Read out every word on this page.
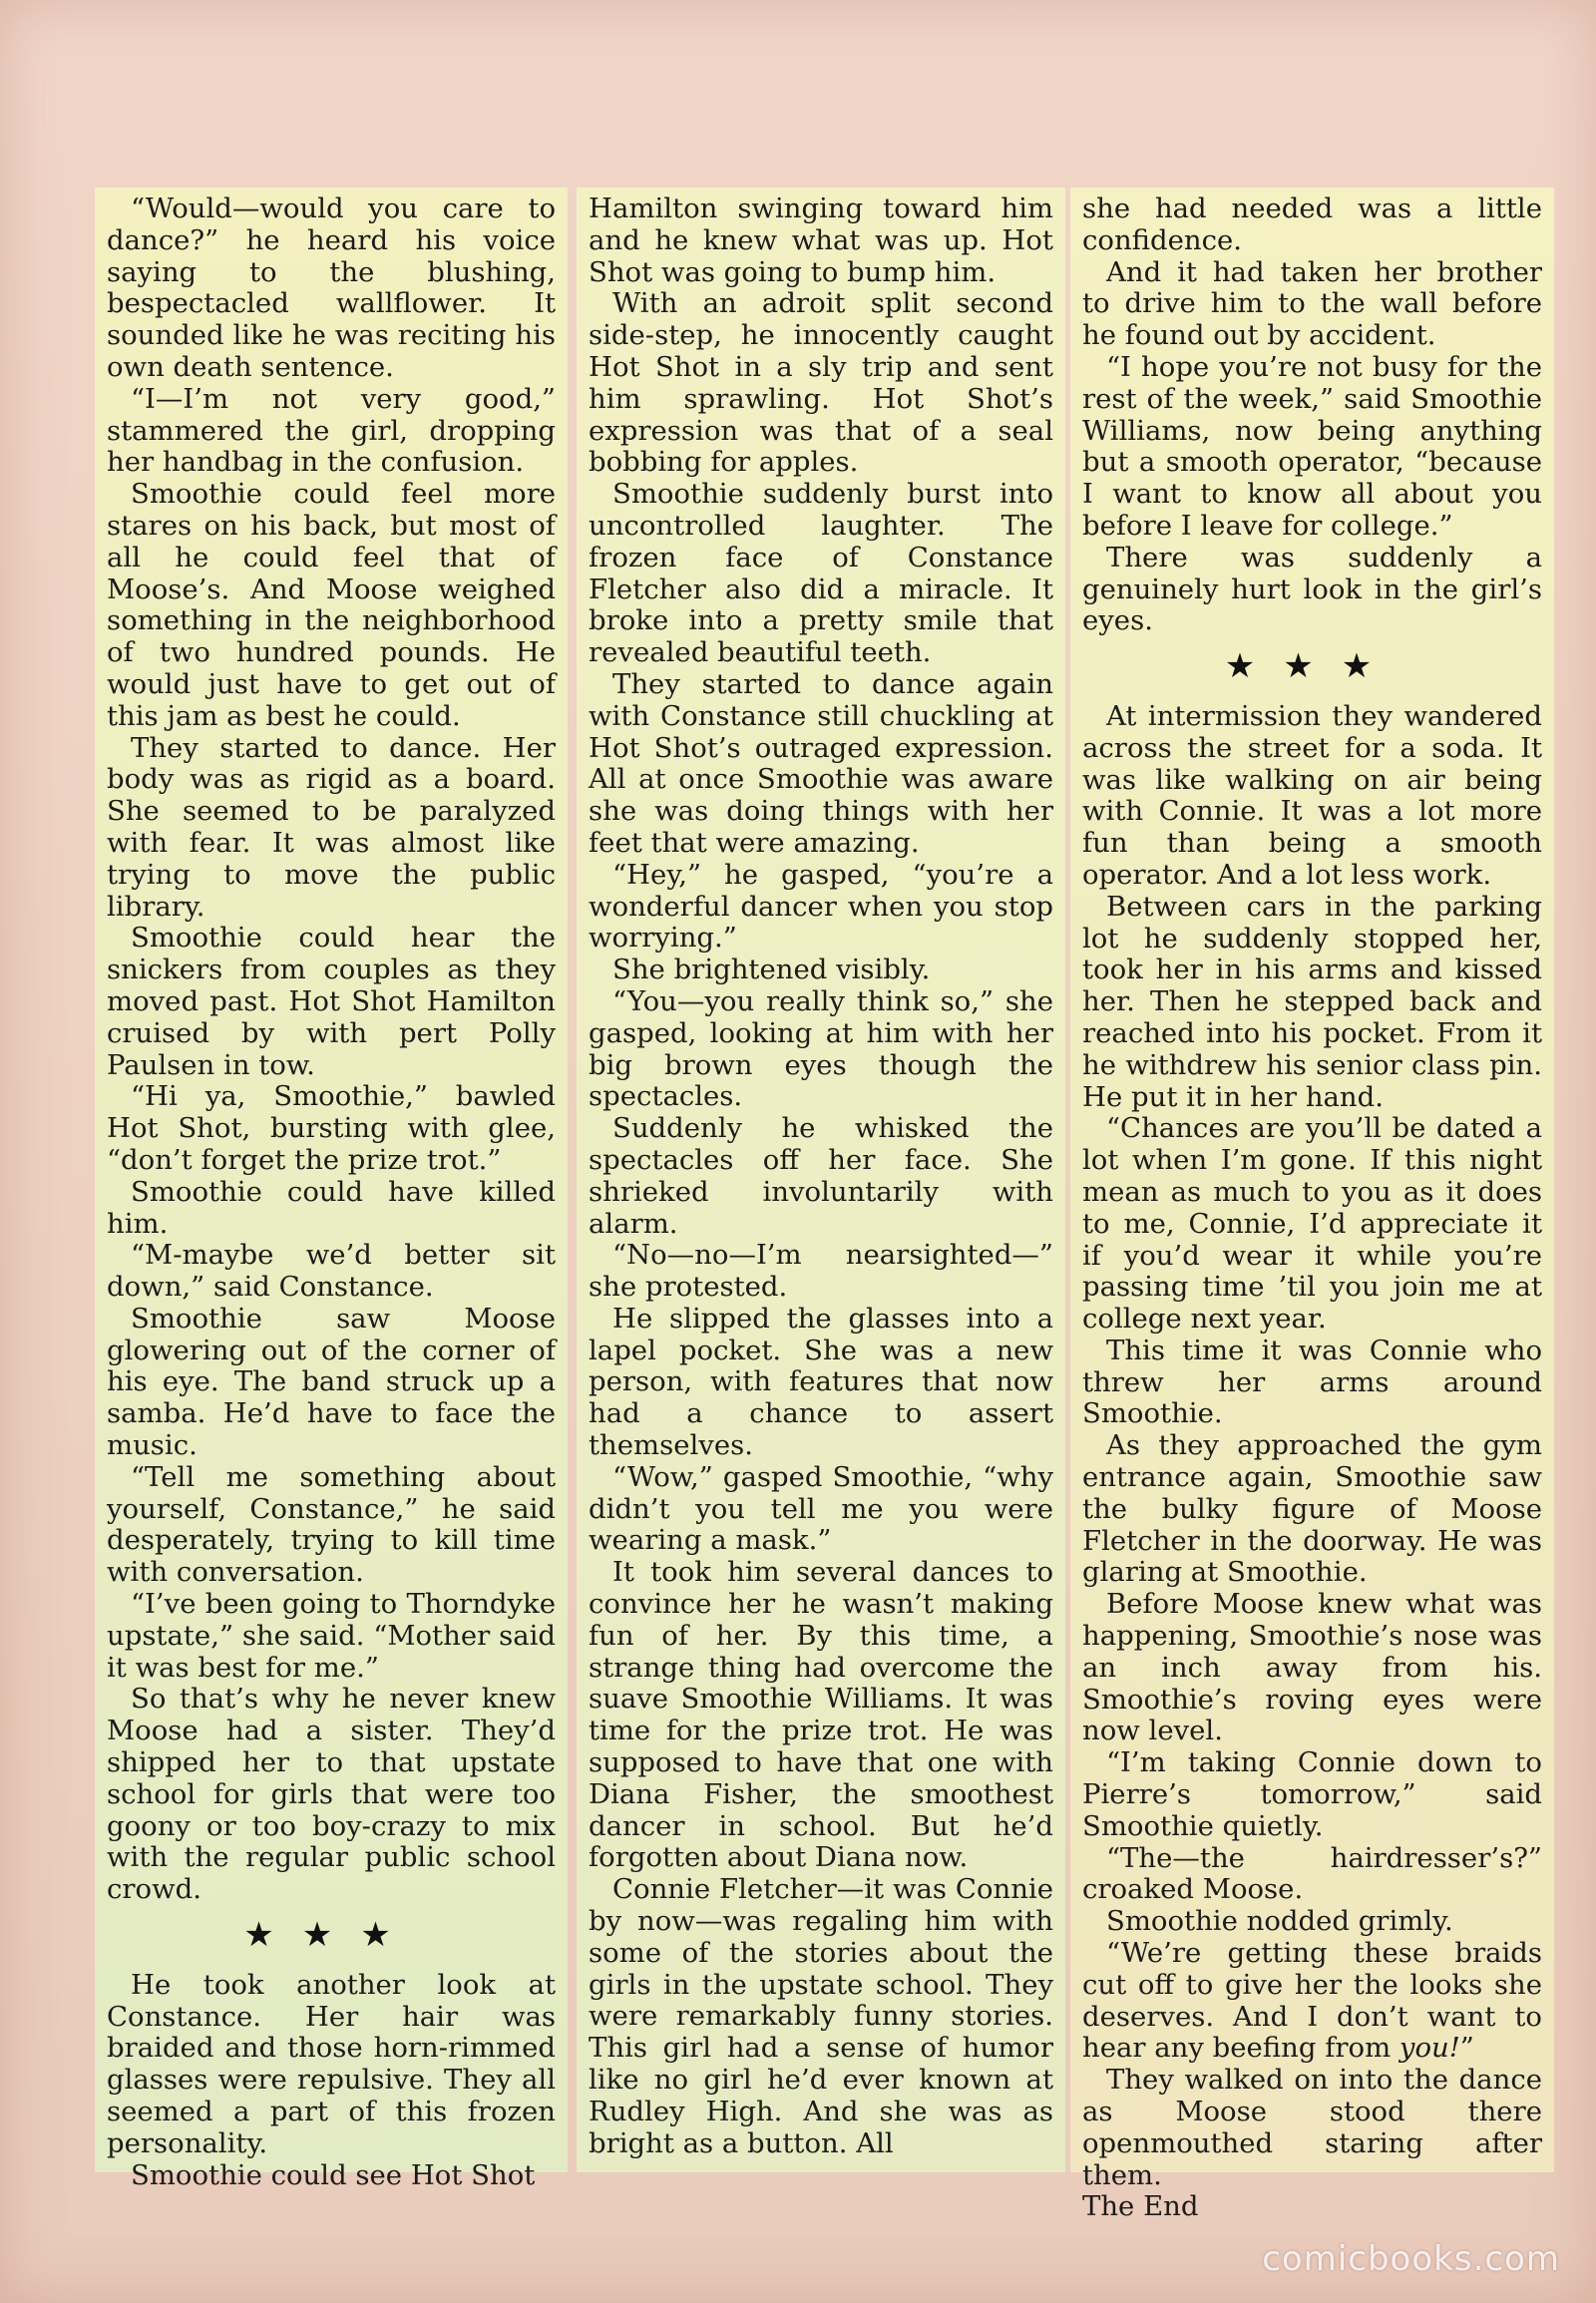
“Would—would you care to dance?” he heard his voice saying to the blushing, bespectacled wallflower. It sounded like he was reciting his own death sentence.

“I—I’m not very good,” stammered the girl, dropping her handbag in the confusion.

Smoothie could feel more stares on his back, but most of all he could feel that of Moose’s. And Moose weighed something in the neighborhood of two hundred pounds. He would just have to get out of this jam as best he could.

They started to dance. Her body was as rigid as a board. She seemed to be paralyzed with fear. It was almost like trying to move the public library.

Smoothie could hear the snickers from couples as they moved past. Hot Shot Hamilton cruised by with pert Polly Paulsen in tow.

“Hi ya, Smoothie,” bawled Hot Shot, bursting with glee, “don’t forget the prize trot.”

Smoothie could have killed him.

“M-maybe we’d better sit down,” said Constance.

Smoothie saw Moose glowering out of the corner of his eye. The band struck up a samba. He’d have to face the music.

“Tell me something about yourself, Constance,” he said desperately, trying to kill time with conversation.

“I’ve been going to Thorndyke upstate,” she said. “Mother said it was best for me.”

So that’s why he never knew Moose had a sister. They’d shipped her to that upstate school for girls that were too goony or too boy-crazy to mix with the regular public school crowd.

★★★

He took another look at Constance. Her hair was braided and those horn-rimmed glasses were repulsive. They all seemed a part of this frozen personality.

Smoothie could see Hot Shot

Hamilton swinging toward him and he knew what was up. Hot Shot was going to bump him.

With an adroit split second side-step, he innocently caught Hot Shot in a sly trip and sent him sprawling. Hot Shot’s expression was that of a seal bobbing for apples.

Smoothie suddenly burst into uncontrolled laughter. The frozen face of Constance Fletcher also did a miracle. It broke into a pretty smile that revealed beautiful teeth.

They started to dance again with Constance still chuckling at Hot Shot’s outraged expression. All at once Smoothie was aware she was doing things with her feet that were amazing.

“Hey,” he gasped, “you’re a wonderful dancer when you stop worrying.”

She brightened visibly.

“You—you really think so,” she gasped, looking at him with her big brown eyes though the spectacles.

Suddenly he whisked the spectacles off her face. She shrieked involuntarily with alarm.

“No—no—I’m nearsighted—” she protested.

He slipped the glasses into a lapel pocket. She was a new person, with features that now had a chance to assert themselves.

“Wow,” gasped Smoothie, “why didn’t you tell me you were wearing a mask.”

It took him several dances to convince her he wasn’t making fun of her. By this time, a strange thing had overcome the suave Smoothie Williams. It was time for the prize trot. He was supposed to have that one with Diana Fisher, the smoothest dancer in school. But he’d forgotten about Diana now.

Connie Fletcher—it was Connie by now—was regaling him with some of the stories about the girls in the upstate school. They were remarkably funny stories. This girl had a sense of humor like no girl he’d ever known at Rudley High. And she was as bright as a button. All

she had needed was a little confidence.

And it had taken her brother to drive him to the wall before he found out by accident.

“I hope you’re not busy for the rest of the week,” said Smoothie Williams, now being anything but a smooth operator, “because I want to know all about you before I leave for college.”

There was suddenly a genuinely hurt look in the girl’s eyes.

★★★

At intermission they wandered across the street for a soda. It was like walking on air being with Connie. It was a lot more fun than being a smooth operator. And a lot less work.

Between cars in the parking lot he suddenly stopped her, took her in his arms and kissed her. Then he stepped back and reached into his pocket. From it he withdrew his senior class pin. He put it in her hand.

“Chances are you’ll be dated a lot when I’m gone. If this night mean as much to you as it does to me, Connie, I’d appreciate it if you’d wear it while you’re passing time ’til you join me at college next year.

This time it was Connie who threw her arms around Smoothie.

As they approached the gym entrance again, Smoothie saw the bulky figure of Moose Fletcher in the doorway. He was glaring at Smoothie.

Before Moose knew what was happening, Smoothie’s nose was an inch away from his. Smoothie’s roving eyes were now level.

“I’m taking Connie down to Pierre’s tomorrow,” said Smoothie quietly.

“The—the hairdresser’s?” croaked Moose.

Smoothie nodded grimly.

“We’re getting these braids cut off to give her the looks she deserves. And I don’t want to hear any beefing from you!”

They walked on into the dance as Moose stood there openmouthed staring after them.

The End

comicbooks.com
